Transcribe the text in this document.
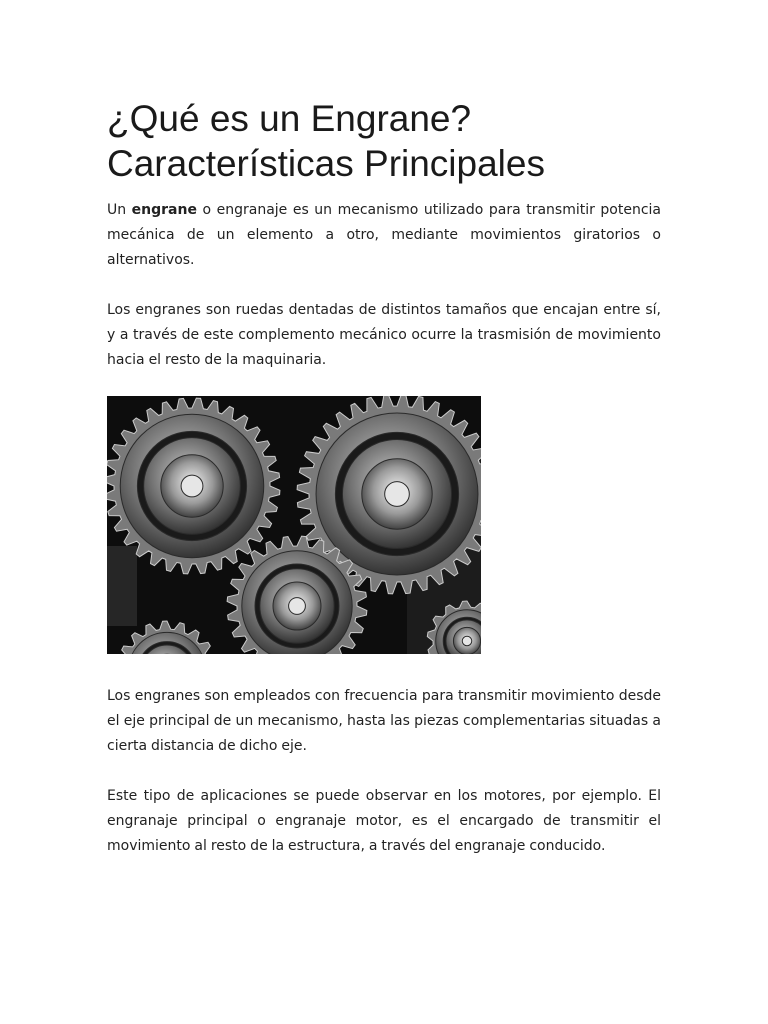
¿Qué es un Engrane?
Características Principales

Un engrane o engranaje es un mecanismo utilizado para transmitir potencia mecánica de un elemento a otro, mediante movimientos giratorios o alternativos.

Los engranes son ruedas dentadas de distintos tamaños que encajan entre sí, y a través de este complemento mecánico ocurre la trasmisión de movimiento hacia el resto de la maquinaria.

Los engranes son empleados con frecuencia para transmitir movimiento desde el eje principal de un mecanismo, hasta las piezas complementarias situadas a cierta distancia de dicho eje.

Este tipo de aplicaciones se puede observar en los motores, por ejemplo. El engranaje principal o engranaje motor, es el encargado de transmitir el movimiento al resto de la estructura, a través del engranaje conducido.
